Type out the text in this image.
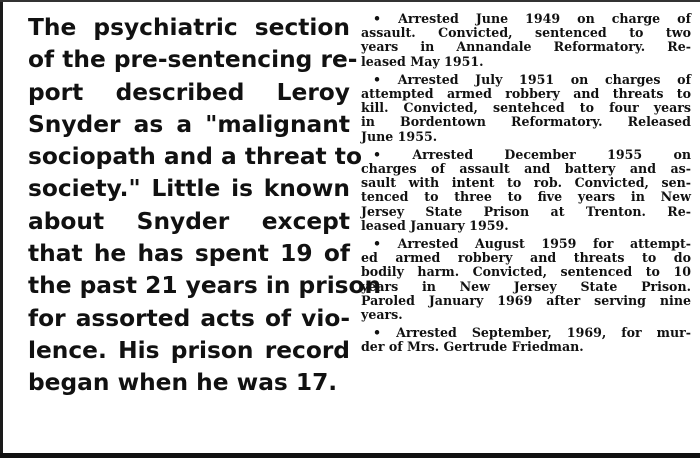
The psychiatric section
of the pre-sentencing re-
port described Leroy
Snyder as a "malignant
sociopath and a threat to
society." Little is known
about Snyder except
that he has spent 19 of
the past 21 years in prison
for assorted acts of vio-
lence. His prison record
began when he was 17.
• Arrested June 1949 on charge of
assault. Convicted, sentenced to two
years in Annandale Reformatory. Re-
leased May 1951.
• Arrested July 1951 on charges of
attempted armed robbery and threats to
kill. Convicted, sentehced to four years
in Bordentown Reformatory. Released
June 1955.
• Arrested December 1955 on
charges of assault and battery and as-
sault with intent to rob. Convicted, sen-
tenced to three to five years in New
Jersey State Prison at Trenton. Re-
leased January 1959.
• Arrested August 1959 for attempt-
ed armed robbery and threats to do
bodily harm. Convicted, sentenced to 10
years in New Jersey State Prison.
Paroled January 1969 after serving nine
years.
• Arrested September, 1969, for mur-
der of Mrs. Gertrude Friedman.
